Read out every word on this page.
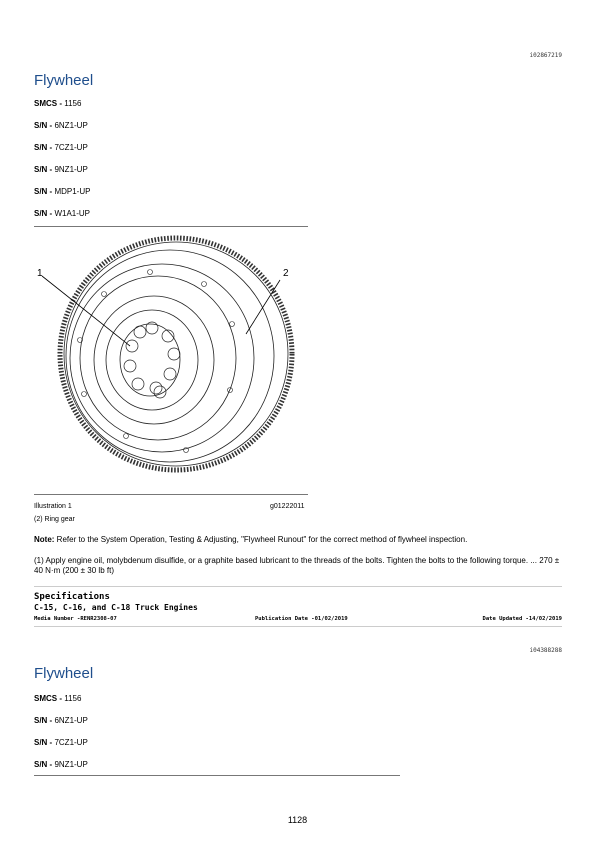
i02867219
Flywheel
SMCS - 1156
S/N - 6NZ1-UP
S/N - 7CZ1-UP
S/N - 9NZ1-UP
S/N - MDP1-UP
S/N - W1A1-UP
1	2
Illustration 1	g01222011
(2) Ring gear
Note: Refer to the System Operation, Testing & Adjusting, "Flywheel Runout" for the correct method of flywheel inspection.
(1) Apply engine oil, molybdenum disulfide, or a graphite based lubricant to the threads of the bolts. Tighten the bolts to the following torque. ... 270 ± 40 N·m (200 ± 30 lb ft)
Specifications
C-15, C-16, and C-18 Truck Engines
Media Number -RENR2308-07	Publication Date -01/02/2019	Date Updated -14/02/2019
i04388288
Flywheel
SMCS - 1156
S/N - 6NZ1-UP
S/N - 7CZ1-UP
S/N - 9NZ1-UP
1128
